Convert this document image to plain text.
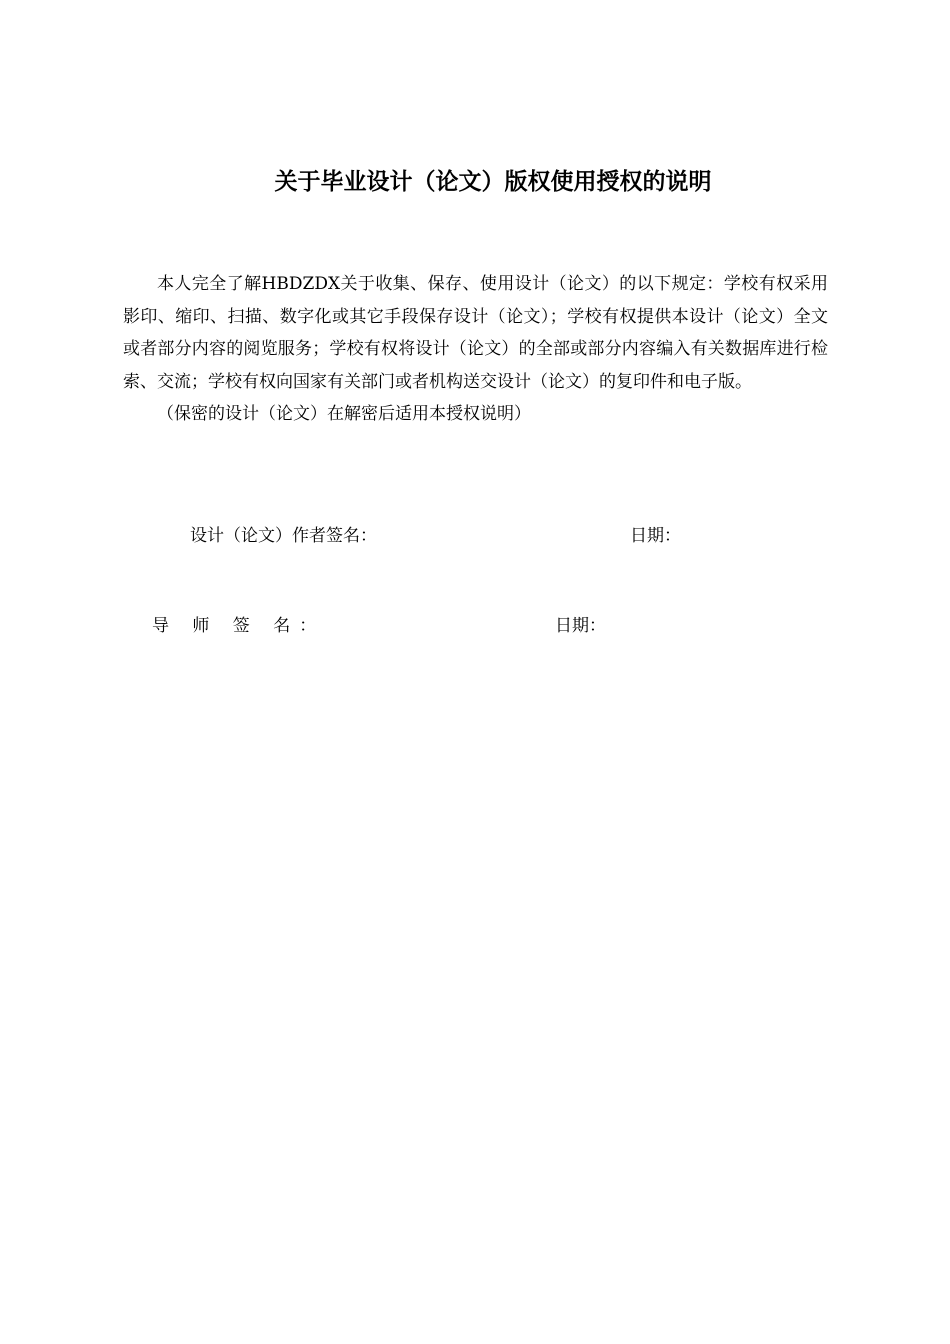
关于毕业设计（论文）版权使用授权的说明

本人完全了解HBDZDX关于收集、保存、使用设计（论文）的以下规定：学校有权采用影印、缩印、扫描、数字化或其它手段保存设计（论文）；学校有权提供本设计（论文）全文或者部分内容的阅览服务；学校有权将设计（论文）的全部或部分内容编入有关数据库进行检索、交流；学校有权向国家有关部门或者机构送交设计（论文）的复印件和电子版。

（保密的设计（论文）在解密后适用本授权说明）

设计（论文）作者签名：	日期：
导 师 签 名：	日期：
